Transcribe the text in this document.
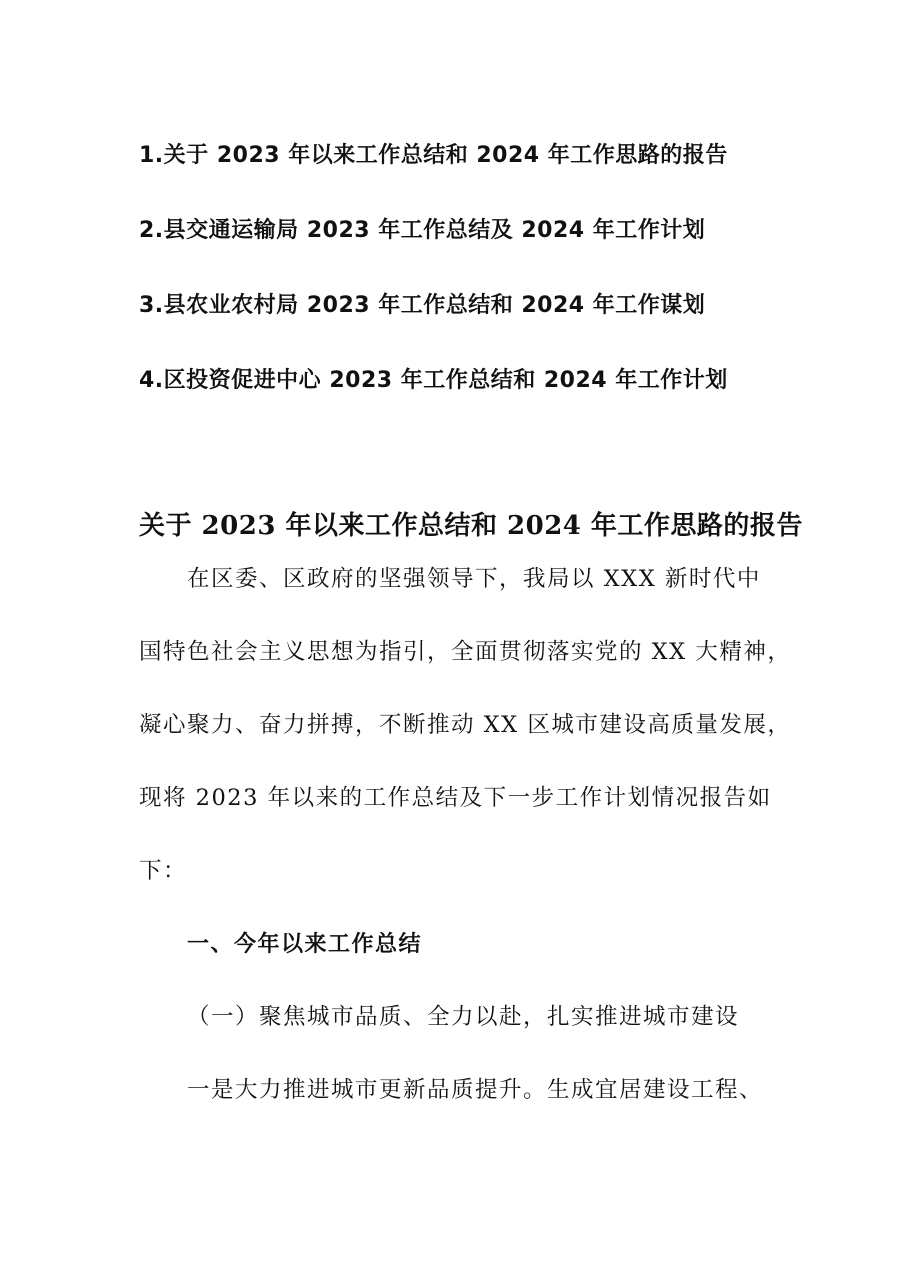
1.关于 2023 年以来工作总结和 2024 年工作思路的报告
2.县交通运输局 2023 年工作总结及 2024 年工作计划
3.县农业农村局 2023 年工作总结和 2024 年工作谋划
4.区投资促进中心 2023 年工作总结和 2024 年工作计划
关于 2023 年以来工作总结和 2024 年工作思路的报告
在区委、区政府的坚强领导下，我局以 XXX 新时代中
国特色社会主义思想为指引，全面贯彻落实党的 XX 大精神，
凝心聚力、奋力拼搏，不断推动 XX 区城市建设高质量发展，
现将 2023 年以来的工作总结及下一步工作计划情况报告如
下：
一、今年以来工作总结
（一）聚焦城市品质、全力以赴，扎实推进城市建设
一是大力推进城市更新品质提升。生成宜居建设工程、
